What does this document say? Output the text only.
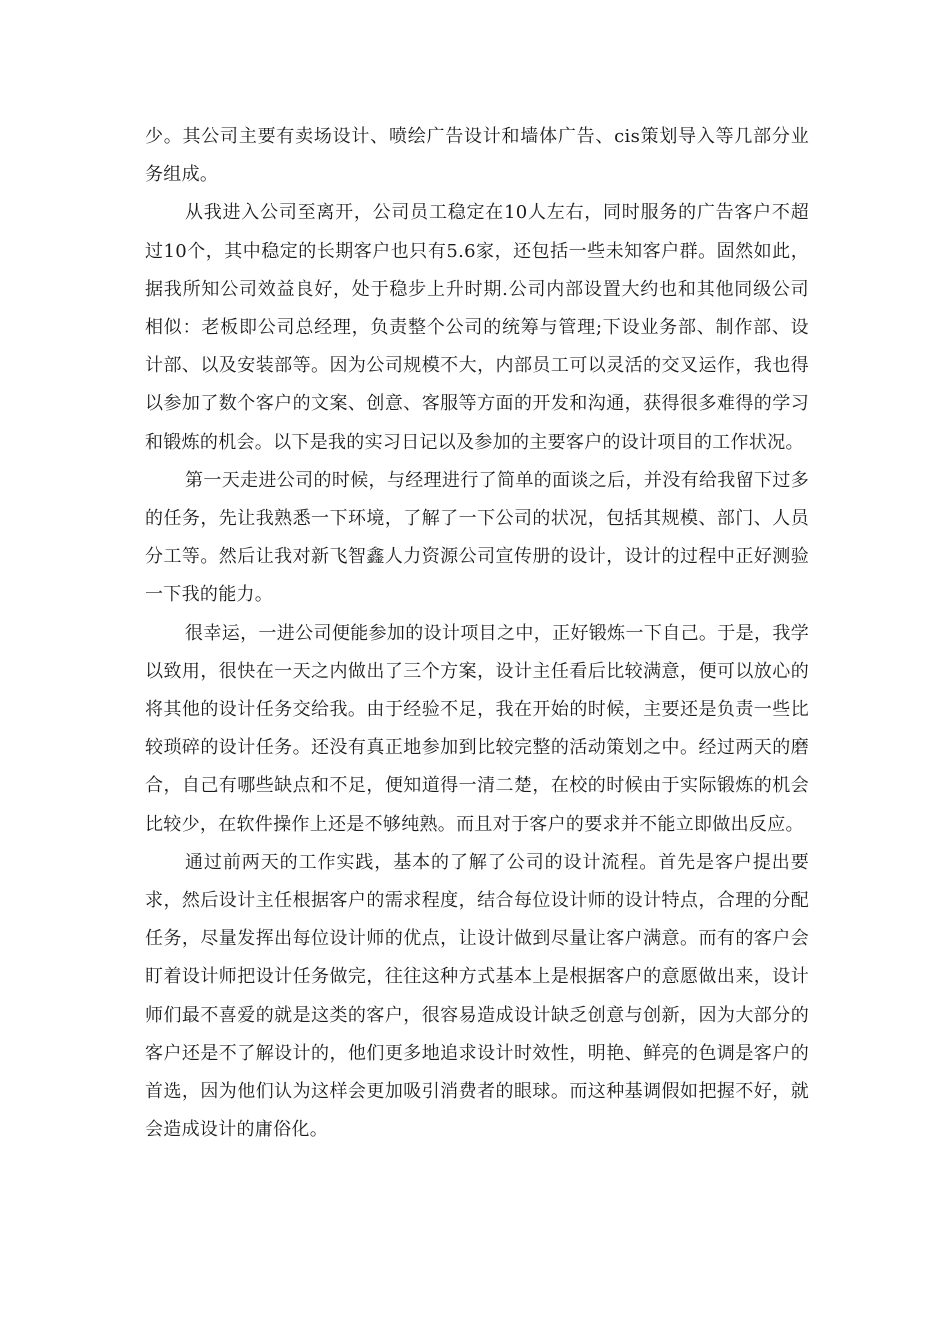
少。其公司主要有卖场设计、喷绘广告设计和墙体广告、cis策划导入等几部分业务组成。

从我进入公司至离开，公司员工稳定在10人左右，同时服务的广告客户不超过10个，其中稳定的长期客户也只有5.6家，还包括一些未知客户群。固然如此，据我所知公司效益良好，处于稳步上升时期.公司内部设置大约也和其他同级公司相似：老板即公司总经理，负责整个公司的统筹与管理;下设业务部、制作部、设计部、以及安装部等。因为公司规模不大，内部员工可以灵活的交叉运作，我也得以参加了数个客户的文案、创意、客服等方面的开发和沟通，获得很多难得的学习和锻炼的机会。以下是我的实习日记以及参加的主要客户的设计项目的工作状况。

第一天走进公司的时候，与经理进行了简单的面谈之后，并没有给我留下过多的任务，先让我熟悉一下环境，了解了一下公司的状况，包括其规模、部门、人员分工等。然后让我对新飞智鑫人力资源公司宣传册的设计，设计的过程中正好测验一下我的能力。

很幸运，一进公司便能参加的设计项目之中，正好锻炼一下自己。于是，我学以致用，很快在一天之内做出了三个方案，设计主任看后比较满意，便可以放心的将其他的设计任务交给我。由于经验不足，我在开始的时候，主要还是负责一些比较琐碎的设计任务。还没有真正地参加到比较完整的活动策划之中。经过两天的磨合，自己有哪些缺点和不足，便知道得一清二楚，在校的时候由于实际锻炼的机会比较少，在软件操作上还是不够纯熟。而且对于客户的要求并不能立即做出反应。

通过前两天的工作实践，基本的了解了公司的设计流程。首先是客户提出要求，然后设计主任根据客户的需求程度，结合每位设计师的设计特点，合理的分配任务，尽量发挥出每位设计师的优点，让设计做到尽量让客户满意。而有的客户会盯着设计师把设计任务做完，往往这种方式基本上是根据客户的意愿做出来，设计师们最不喜爱的就是这类的客户，很容易造成设计缺乏创意与创新，因为大部分的客户还是不了解设计的，他们更多地追求设计时效性，明艳、鲜亮的色调是客户的首选，因为他们认为这样会更加吸引消费者的眼球。而这种基调假如把握不好，就会造成设计的庸俗化。
